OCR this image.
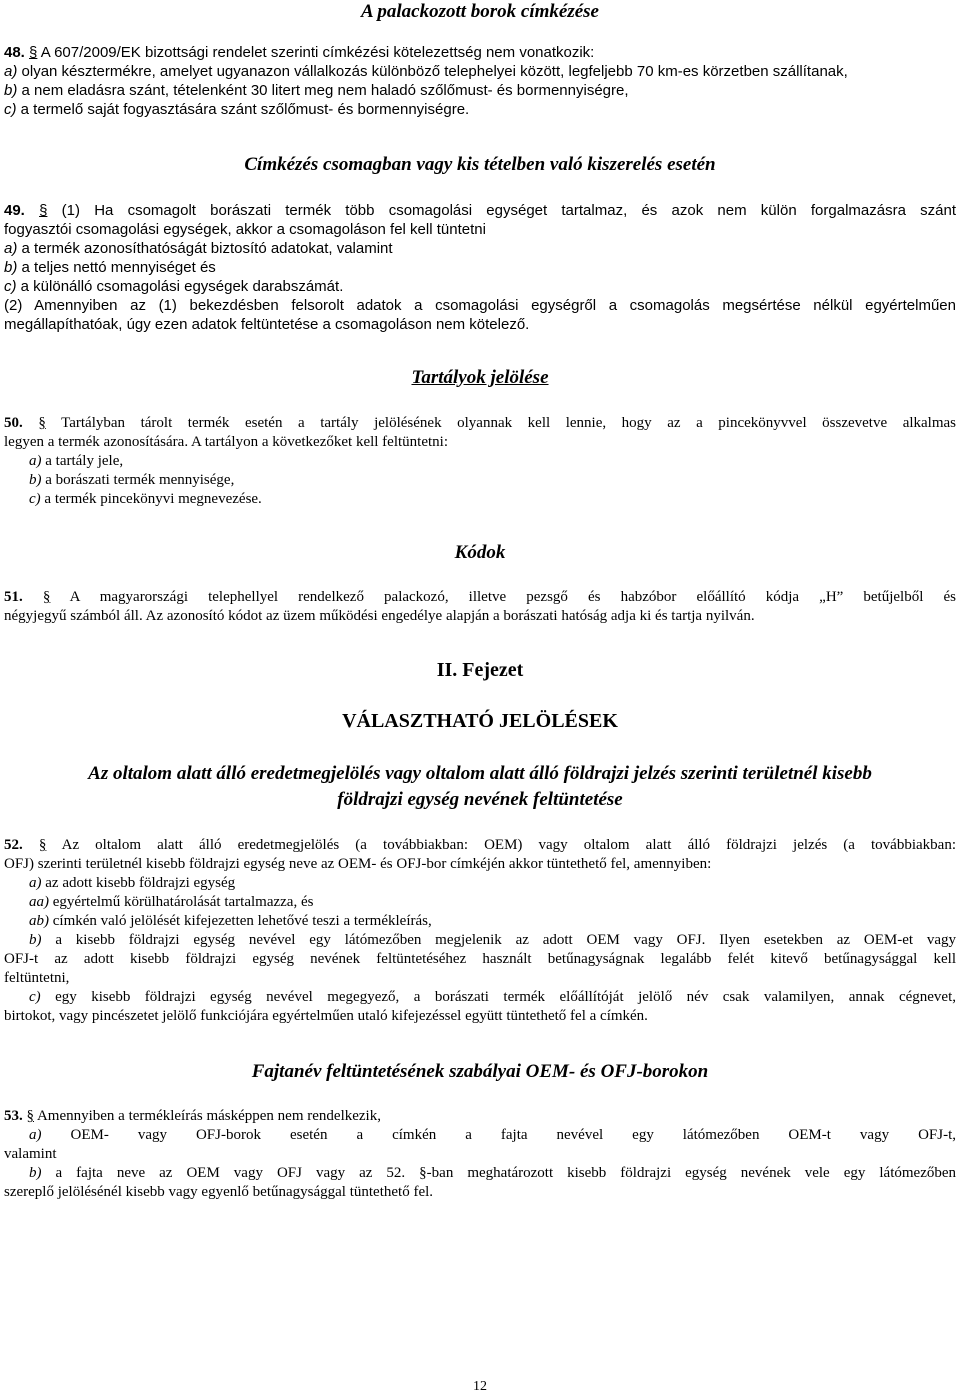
A palackozott borok címkézése
48. § A 607/2009/EK bizottsági rendelet szerinti címkézési kötelezettség nem vonatkozik:
a) olyan késztermékre, amelyet ugyanazon vállalkozás különböző telephelyei között, legfeljebb 70 km-es körzetben szállítanak,
b) a nem eladásra szánt, tételenként 30 litert meg nem haladó szőlőmust- és bormennyiségre,
c) a termelő saját fogyasztására szánt szőlőmust- és bormennyiségre.
Címkézés csomagban vagy kis tételben való kiszerelés esetén
49. § (1) Ha csomagolt borászati termék több csomagolási egységet tartalmaz, és azok nem külön forgalmazásra szánt
fogyasztói csomagolási egységek, akkor a csomagoláson fel kell tüntetni
a) a termék azonosíthatóságát biztosító adatokat, valamint
b) a teljes nettó mennyiséget és
c) a különálló csomagolási egységek darabszámát.
(2) Amennyiben az (1) bekezdésben felsorolt adatok a csomagolási egységről a csomagolás megsértése nélkül egyértelműen
megállapíthatóak, úgy ezen adatok feltüntetése a csomagoláson nem kötelező.
Tartályok jelölése
50. § Tartályban tárolt termék esetén a tartály jelölésének olyannak kell lennie, hogy az a pincekönyvvel összevetve alkalmas
legyen a termék azonosítására. A tartályon a következőket kell feltüntetni:
a) a tartály jele,
b) a borászati termék mennyisége,
c) a termék pincekönyvi megnevezése.
Kódok
51. § A magyarországi telephellyel rendelkező palackozó, illetve pezsgő és habzóbor előállító kódja „H” betűjelből és
négyjegyű számból áll. Az azonosító kódot az üzem működési engedélye alapján a borászati hatóság adja ki és tartja nyilván.
II. Fejezet
VÁLASZTHATÓ JELÖLÉSEK
Az oltalom alatt álló eredetmegjelölés vagy oltalom alatt álló földrajzi jelzés szerinti területnél kisebb
földrajzi egység nevének feltüntetése
52. § Az oltalom alatt álló eredetmegjelölés (a továbbiakban: OEM) vagy oltalom alatt álló földrajzi jelzés (a továbbiakban:
OFJ) szerinti területnél kisebb földrajzi egység neve az OEM- és OFJ-bor címkéjén akkor tüntethető fel, amennyiben:
a) az adott kisebb földrajzi egység
aa) egyértelmű körülhatárolását tartalmazza, és
ab) címkén való jelölését kifejezetten lehetővé teszi a termékleírás,
b) a kisebb földrajzi egység nevével egy látómezőben megjelenik az adott OEM vagy OFJ. Ilyen esetekben az OEM-et vagy
OFJ-t az adott kisebb földrajzi egység nevének feltüntetéséhez használt betűnagyságnak legalább felét kitevő betűnagysággal kell
feltüntetni,
c) egy kisebb földrajzi egység nevével megegyező, a borászati termék előállítóját jelölő név csak valamilyen, annak cégnevet,
birtokot, vagy pincészetet jelölő funkciójára egyértelműen utaló kifejezéssel együtt tüntethető fel a címkén.
Fajtanév feltüntetésének szabályai OEM- és OFJ-borokon
53. § Amennyiben a termékleírás másképpen nem rendelkezik,
a) OEM- vagy OFJ-borok esetén a címkén a fajta nevével egy látómezőben OEM-t vagy OFJ-t,
valamint
b) a fajta neve az OEM vagy OFJ vagy az 52. §-ban meghatározott kisebb földrajzi egység nevének vele egy látómezőben
szereplő jelölésénél kisebb vagy egyenlő betűnagysággal tüntethető fel.
12
